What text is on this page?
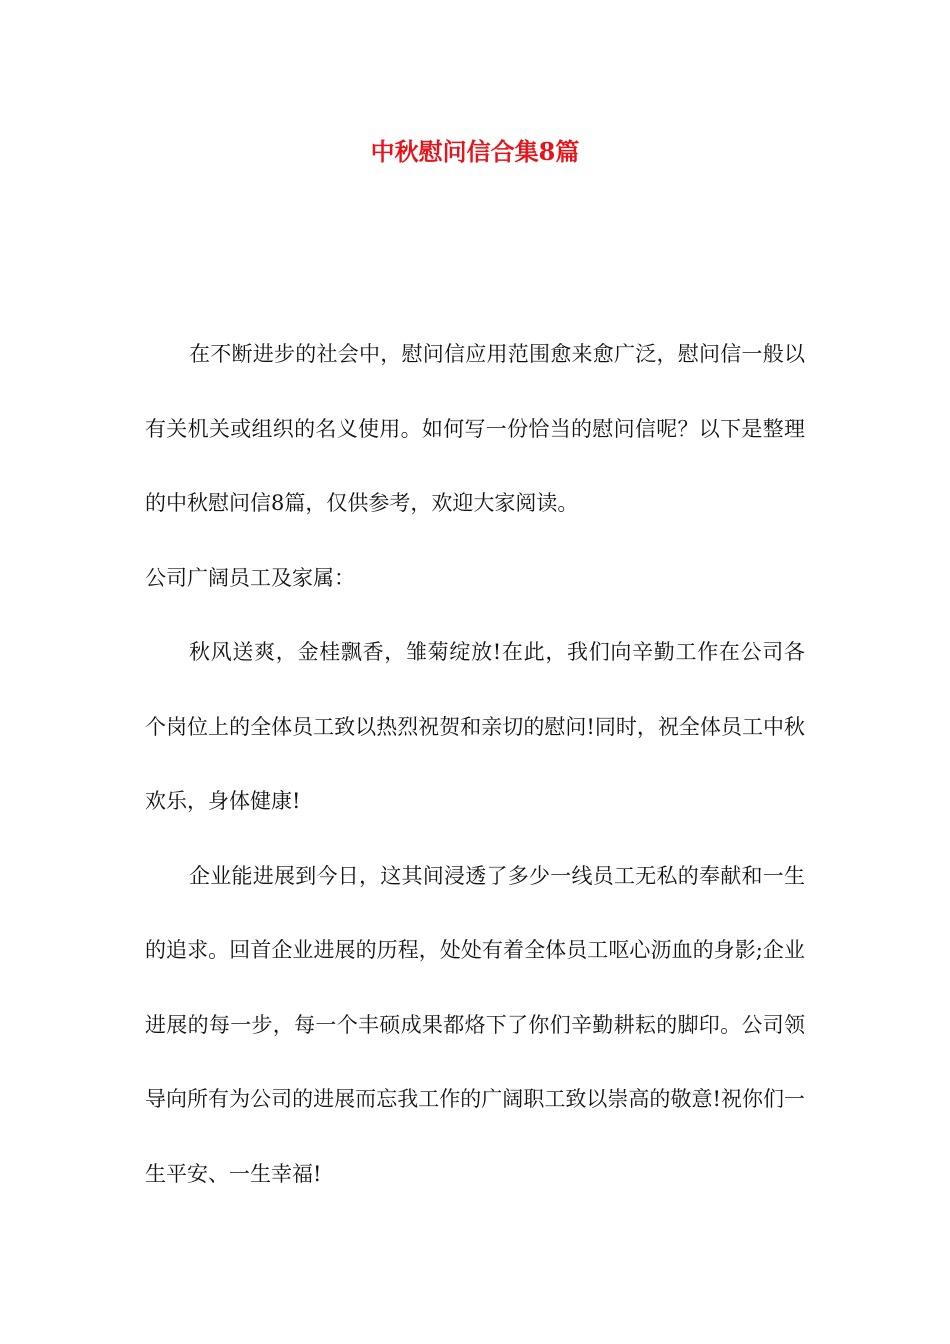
中秋慰问信合集8篇

在不断进步的社会中，慰问信应用范围愈来愈广泛，慰问信一般以有关机关或组织的名义使用。如何写一份恰当的慰问信呢？以下是整理的中秋慰问信8篇，仅供参考，欢迎大家阅读。

公司广阔员工及家属：

秋风送爽，金桂飘香，雏菊绽放!在此，我们向辛勤工作在公司各个岗位上的全体员工致以热烈祝贺和亲切的慰问!同时，祝全体员工中秋欢乐，身体健康!

企业能进展到今日，这其间浸透了多少一线员工无私的奉献和一生的追求。回首企业进展的历程，处处有着全体员工呕心沥血的身影;企业进展的每一步，每一个丰硕成果都烙下了你们辛勤耕耘的脚印。公司领导向所有为公司的进展而忘我工作的广阔职工致以崇高的敬意!祝你们一生平安、一生幸福!
